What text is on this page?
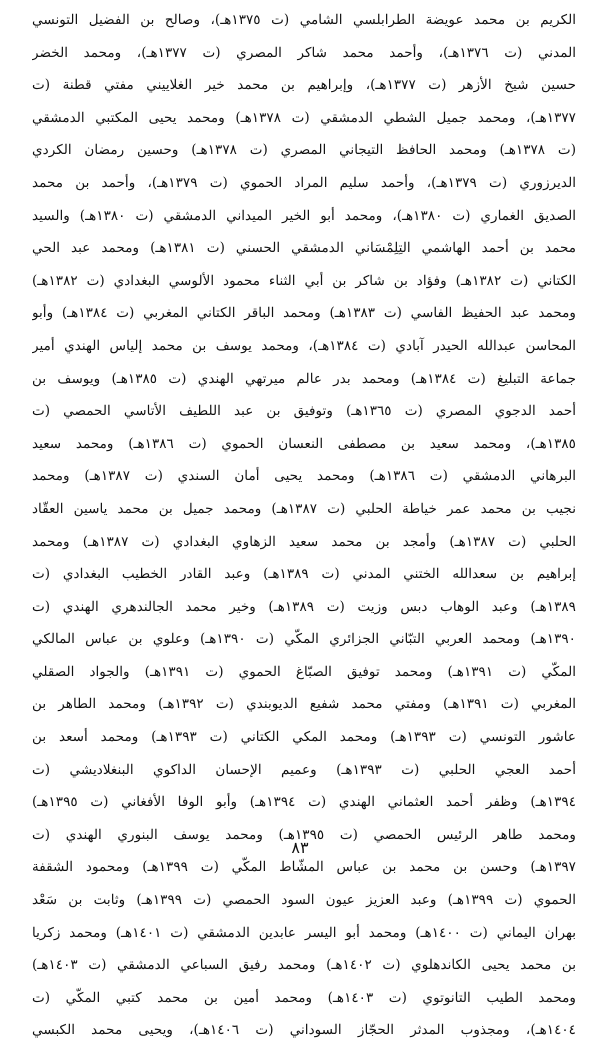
الكريم بن محمد عويضة الطرابلسي الشامي (ت ١٣٧٥هـ)، وصالح بن الفضيل التونسي
المدني (ت ١٣٧٦هـ)، وأحمد محمد شاكر المصري (ت ١٣٧٧هـ)، ومحمد الخضر
حسين شيخ الأزهر (ت ١٣٧٧هـ)، وإبراهيم بن محمد خير الغلاييني مفتي قطنة (ت
١٣٧٧هـ)، ومحمد جميل الشطي الدمشقي (ت ١٣٧٨هـ) ومحمد يحيى المكتبي الدمشقي
(ت ١٣٧٨هـ) ومحمد الحافظ التيجاني المصري (ت ١٣٧٨هـ) وحسين رمضان الكردي
الديرزوري (ت ١٣٧٩هـ)، وأحمد سليم المراد الحموي (ت ١٣٧٩هـ)، وأحمد بن محمد
الصديق الغماري (ت ١٣٨٠هـ)، ومحمد أبو الخير الميداني الدمشقي (ت ١٣٨٠هـ) والسيد
محمد بن أحمد الهاشمي التِلِمْسَاني الدمشقي الحسني (ت ١٣٨١هـ) ومحمد عبد الحي
الكتاني (ت ١٣٨٢هـ) وفؤاد بن شاكر بن أبي الثناء محمود الألوسي البغدادي (ت ١٣٨٢هـ)
ومحمد عبد الحفيظ الفاسي (ت ١٣٨٣هـ) ومحمد الباقر الكتاني المغربي (ت ١٣٨٤هـ) وأبو
المحاسن عبدالله الحيدر آبادي (ت ١٣٨٤هـ)، ومحمد يوسف بن محمد إلياس الهندي أمير
جماعة التبليغ (ت ١٣٨٤هـ) ومحمد بدر عالم ميرتهي الهندي (ت ١٣٨٥هـ) ويوسف بن
أحمد الدجوي المصري (ت ١٣٦٥هـ) وتوفيق بن عبد اللطيف الأتاسي الحمصي (ت
١٣٨٥هـ)، ومحمد سعيد بن مصطفى النعسان الحموي (ت ١٣٨٦هـ) ومحمد سعيد
البرهاني الدمشقي (ت ١٣٨٦هـ) ومحمد يحيى أمان السندي (ت ١٣٨٧هـ) ومحمد
نجيب بن محمد عمر خياطة الحلبي (ت ١٣٨٧هـ) ومحمد جميل بن محمد ياسين العقّاد
الحلبي (ت ١٣٨٧هـ) وأمجد بن محمد سعيد الزهاوي البغدادي (ت ١٣٨٧هـ) ومحمد
إبراهيم بن سعدالله الختني المدني (ت ١٣٨٩هـ) وعبد القادر الخطيب البغدادي (ت
١٣٨٩هـ) وعبد الوهاب دبس وزيت (ت ١٣٨٩هـ) وخير محمد الجالندهري الهندي (ت
١٣٩٠هـ) ومحمد العربي التبّاني الجزائري المكّي (ت ١٣٩٠هـ) وعلوي بن عباس المالكي
المكّي (ت ١٣٩١هـ) ومحمد توفيق الصبّاغ الحموي (ت ١٣٩١هـ) والجواد الصقلي
المغربي (ت ١٣٩١هـ) ومفتي محمد شفيع الديوبندي (ت ١٣٩٢هـ) ومحمد الطاهر بن
عاشور التونسي (ت ١٣٩٣هـ) ومحمد المكي الكتاني (ت ١٣٩٣هـ) ومحمد أسعد بن
أحمد العجي الحلبي (ت ١٣٩٣هـ) وعميم الإحسان الداكوي البنغلاديشي (ت
١٣٩٤هـ) وظفر أحمد العثماني الهندي (ت ١٣٩٤هـ) وأبو الوفا الأفغاني (ت ١٣٩٥هـ)
ومحمد طاهر الرئيس الحمصي (ت ١٣٩٥هـ) ومحمد يوسف البنوري الهندي (ت
١٣٩٧هـ) وحسن بن محمد بن عباس المشّاط المكّي (ت ١٣٩٩هـ) ومحمود الشقفة
الحموي (ت ١٣٩٩هـ) وعبد العزيز عيون السود الحمصي (ت ١٣٩٩هـ) وثابت بن سَعْد
بهران اليماني (ت ١٤٠٠هـ) ومحمد أبو اليسر عابدين الدمشقي (ت ١٤٠١هـ) ومحمد زكريا
بن محمد يحيى الكاندهلوي (ت ١٤٠٢هـ) ومحمد رفيق السباعي الدمشقي (ت ١٤٠٣هـ)
ومحمد الطيب التانوتوي (ت ١٤٠٣هـ) ومحمد أمين بن محمد كتبي المكّي (ت
١٤٠٤هـ)، ومجذوب المدثر الحجّاز السوداني (ت ١٤٠٦هـ)، ويحيى محمد الكبسي
٨٣
